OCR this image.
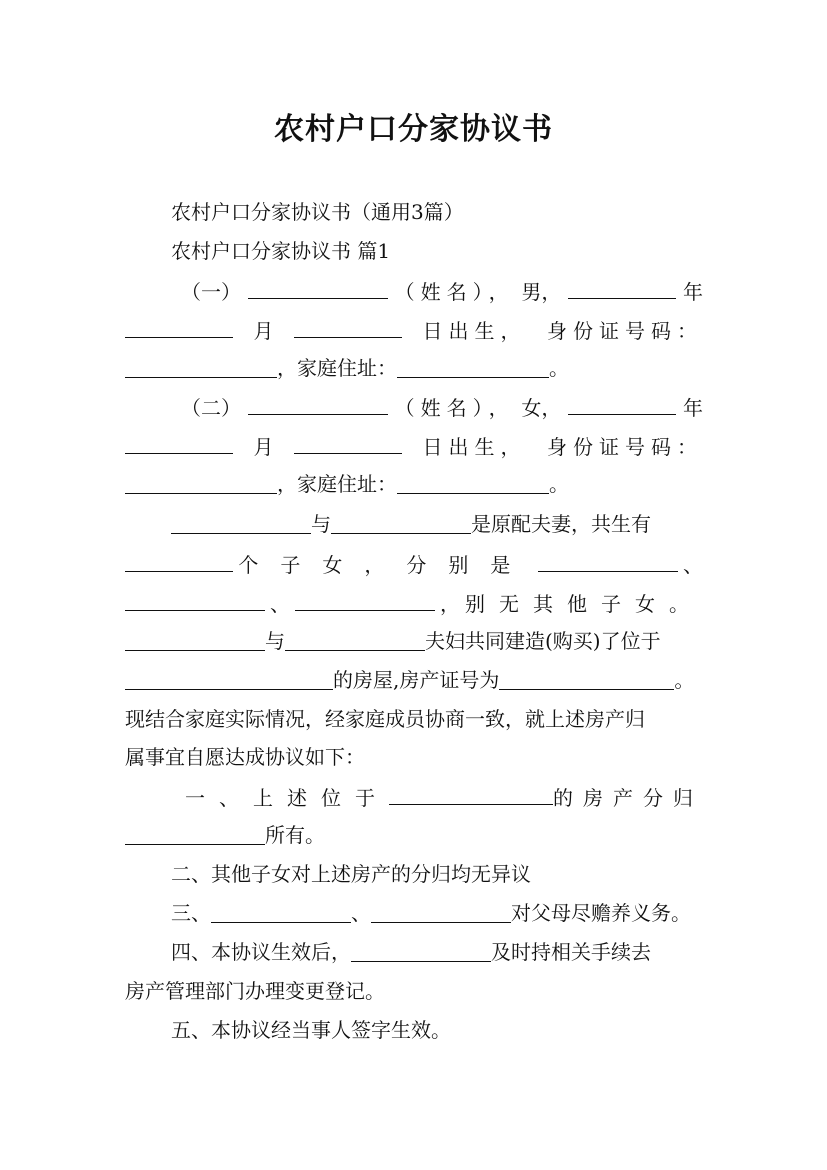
农村户口分家协议书
农村户口分家协议书（通用3篇）
农村户口分家协议书 篇1
（一）	（姓名）， 男，	年
月	日出生， 身份证号码：
，家庭住址：	。
（二）	（姓名）， 女，	年
月	日出生， 身份证号码：
，家庭住址：	。
与	是原配夫妻，共生有
个子女，分别是	、
、	， 别无其他子女。
与	夫妇共同建造(购买)了位于
的房屋,房产证号为	。
现结合家庭实际情况，经家庭成员协商一致，就上述房产归
属事宜自愿达成协议如下：
一、上述位于	的房产分归
所有。
二、其他子女对上述房产的分归均无异议
三、	、	对父母尽赡养义务。
四、本协议生效后，	及时持相关手续去
房产管理部门办理变更登记。
五、本协议经当事人签字生效。
